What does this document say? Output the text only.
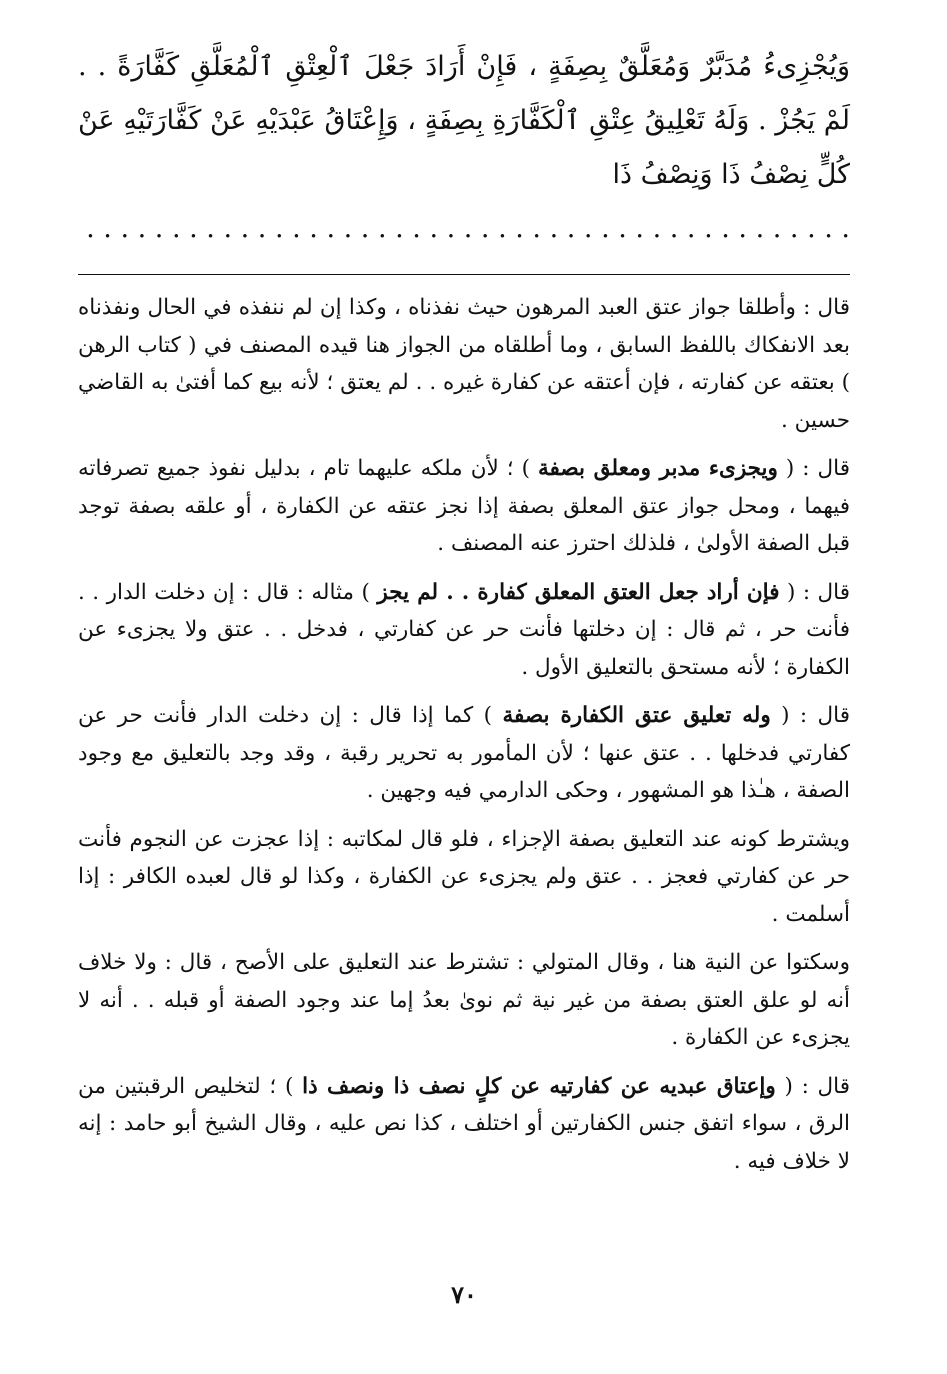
وَيُجْزِىءُ مُدَبَّرٌ وَمُعَلَّقٌ بِصِفَةٍ ، فَإِنْ أَرَادَ جَعْلَ ٱلْعِتْقِ ٱلْمُعَلَّقِ كَفَّارَةً . . لَمْ يَجُزْ . وَلَهُ تَعْلِيقُ عِتْقِ ٱلْكَفَّارَةِ بِصِفَةٍ ، وَإِعْتَاقُ عَبْدَيْهِ عَنْ كَفَّارَتَيْهِ عَنْ كُلٍّ نِصْفُ ذَا وَنِصْفُ ذَا
. . . . . . . . . . . . . . . . . . . . . . . . . . . . . . . . . . . . . . . . . . . . .

قال : وأطلقا جواز عتق العبد المرهون حيث نفذناه ، وكذا إن لم ننفذه في الحال ونفذناه بعد الانفكاك باللفظ السابق ، وما أطلقاه من الجواز هنا قيده المصنف في ( كتاب الرهن ) بعتقه عن كفارته ، فإن أعتقه عن كفارة غيره . . لم يعتق ؛ لأنه بيع كما أفتىٰ به القاضي حسين .

قال : ( ويجزىء مدبر ومعلق بصفة ) ؛ لأن ملكه عليهما تام ، بدليل نفوذ جميع تصرفاته فيهما ، ومحل جواز عتق المعلق بصفة إذا نجز عتقه عن الكفارة ، أو علقه بصفة توجد قبل الصفة الأولىٰ ، فلذلك احترز عنه المصنف .

قال : ( فإن أراد جعل العتق المعلق كفارة . . لم يجز ) مثاله : قال : إن دخلت الدار . . فأنت حر ، ثم قال : إن دخلتها فأنت حر عن كفارتي ، فدخل . . عتق ولا يجزىء عن الكفارة ؛ لأنه مستحق بالتعليق الأول .

قال : ( وله تعليق عتق الكفارة بصفة ) كما إذا قال : إن دخلت الدار فأنت حر عن كفارتي فدخلها . . عتق عنها ؛ لأن المأمور به تحرير رقبة ، وقد وجد بالتعليق مع وجود الصفة ، هـٰذا هو المشهور ، وحكى الدارمي فيه وجهين .

ويشترط كونه عند التعليق بصفة الإجزاء ، فلو قال لمكاتبه : إذا عجزت عن النجوم فأنت حر عن كفارتي فعجز . . عتق ولم يجزىء عن الكفارة ، وكذا لو قال لعبده الكافر : إذا أسلمت .

وسكتوا عن النية هنا ، وقال المتولي : تشترط عند التعليق على الأصح ، قال : ولا خلاف أنه لو علق العتق بصفة من غير نية ثم نوىٰ بعدُ إما عند وجود الصفة أو قبله . . أنه لا يجزىء عن الكفارة .

قال : ( وإعتاق عبديه عن كفارتيه عن كلٍ نصف ذا ونصف ذا ) ؛ لتخليص الرقبتين من الرق ، سواء اتفق جنس الكفارتين أو اختلف ، كذا نص عليه ، وقال الشيخ أبو حامد : إنه لا خلاف فيه .

٧٠
